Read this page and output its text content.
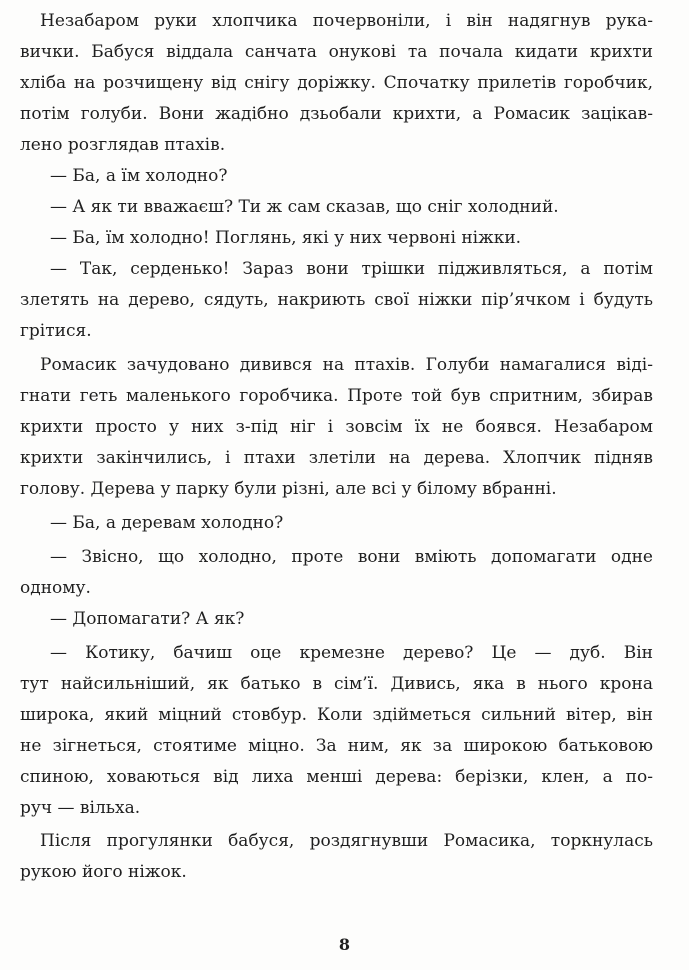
Незабаром руки хлопчика почервоніли, і він надягнув рука-
вички. Бабуся віддала санчата онукові та почала кидати крихти
хліба на розчищену від снігу доріжку. Спочатку прилетів горобчик,
потім голуби. Вони жадібно дзьобали крихти, а Ромасик зацікав-
лено розглядав птахів.
— Ба, а їм холодно?
— А як ти вважаєш? Ти ж сам сказав, що сніг холодний.
— Ба, їм холодно! Поглянь, які у них червоні ніжки.
— Так, серденько! Зараз вони трішки підживляться, а потім
злетять на дерево, сядуть, накриють свої ніжки пір’ячком і будуть
грітися.
Ромасик зачудовано дивився на птахів. Голуби намагалися віді-
гнати геть маленького горобчика. Проте той був спритним, збирав
крихти просто у них з-під ніг і зовсім їх не боявся. Незабаром
крихти закінчились, і птахи злетіли на дерева. Хлопчик підняв
голову. Дерева у парку були різні, але всі у білому вбранні.
— Ба, а деревам холодно?
— Звісно, що холодно, проте вони вміють допомагати одне
одному.
— Допомагати? А як?
— Котику, бачиш оце кремезне дерево? Це — дуб. Він
тут найсильніший, як батько в сім’ї. Дивись, яка в нього крона
широка, який міцний стовбур. Коли здійметься сильний вітер, він
не зігнеться, стоятиме міцно. За ним, як за широкою батьковою
спиною, ховаються від лиха менші дерева: берізки, клен, а по-
руч — вільха.
Після прогулянки бабуся, роздягнувши Ромасика, торкнулась
рукою його ніжок.
8
